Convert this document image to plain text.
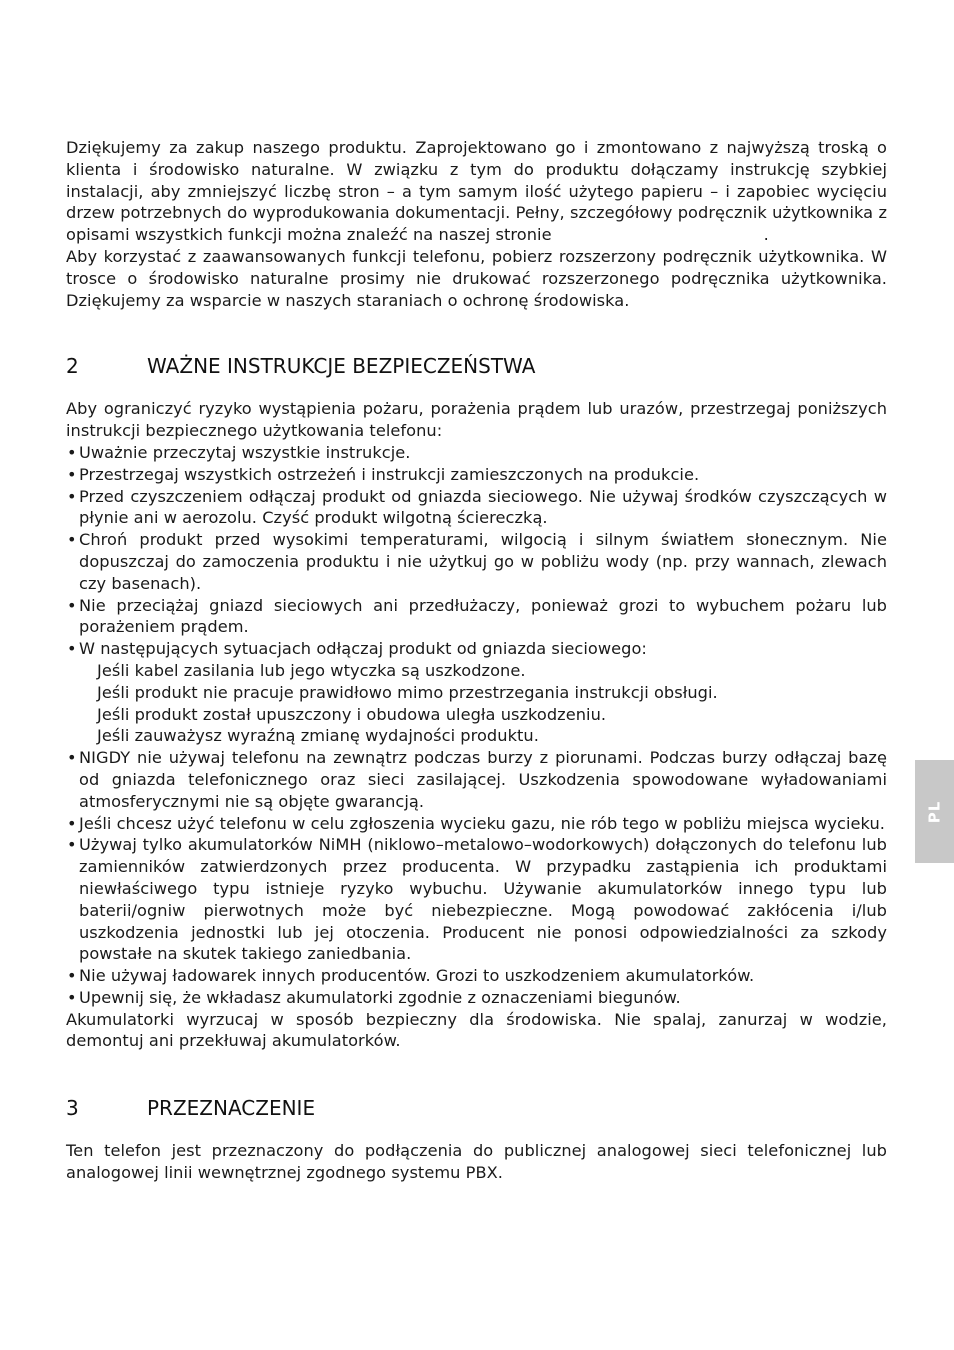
Dziękujemy za zakup naszego produktu. Zaprojektowano go i zmontowano z najwyższą troską o klienta i środowisko naturalne. W związku z tym do produktu dołączamy instrukcję szybkiej instalacji, aby zmniejszyć liczbę stron – a tym samym ilość użytego papieru – i zapobiec wycięciu drzew potrzebnych do wyprodukowania dokumentacji. Pełny, szczegółowy podręcznik użytkownika z opisami wszystkich funkcji można znaleźć na naszej stronie	.

Aby korzystać z zaawansowanych funkcji telefonu, pobierz rozszerzony podręcznik użytkownika. W trosce o środowisko naturalne prosimy nie drukować rozszerzonego podręcznika użytkownika. Dziękujemy za wsparcie w naszych staraniach o ochronę środowiska.

2	WAŻNE INSTRUKCJE BEZPIECZEŃSTWA

Aby ograniczyć ryzyko wystąpienia pożaru, porażenia prądem lub urazów, przestrzegaj poniższych instrukcji bezpiecznego użytkowania telefonu:

• Uważnie przeczytaj wszystkie instrukcje.
• Przestrzegaj wszystkich ostrzeżeń i instrukcji zamieszczonych na produkcie.
• Przed czyszczeniem odłączaj produkt od gniazda sieciowego. Nie używaj środków czyszczących w płynie ani w aerozolu. Czyść produkt wilgotną ściereczką.
• Chroń produkt przed wysokimi temperaturami, wilgocią i silnym światłem słonecznym. Nie dopuszczaj do zamoczenia produktu i nie użytkuj go w pobliżu wody (np. przy wannach, zlewach czy basenach).
• Nie przeciążaj gniazd sieciowych ani przedłużaczy, ponieważ grozi to wybuchem pożaru lub porażeniem prądem.
• W następujących sytuacjach odłączaj produkt od gniazda sieciowego:
Jeśli kabel zasilania lub jego wtyczka są uszkodzone.
Jeśli produkt nie pracuje prawidłowo mimo przestrzegania instrukcji obsługi.
Jeśli produkt został upuszczony i obudowa uległa uszkodzeniu.
Jeśli zauważysz wyraźną zmianę wydajności produktu.
• NIGDY nie używaj telefonu na zewnątrz podczas burzy z piorunami. Podczas burzy odłączaj bazę od gniazda telefonicznego oraz sieci zasilającej. Uszkodzenia spowodowane wyładowaniami atmosferycznymi nie są objęte gwarancją.
• Jeśli chcesz użyć telefonu w celu zgłoszenia wycieku gazu, nie rób tego w pobliżu miejsca wycieku.
• Używaj tylko akumulatorków NiMH (niklowo–metalowo–wodorkowych) dołączonych do telefonu lub zamienników zatwierdzonych przez producenta. W przypadku zastąpienia ich produktami niewłaściwego typu istnieje ryzyko wybuchu. Używanie akumulatorków innego typu lub baterii/ogniw pierwotnych może być niebezpieczne. Mogą powodować zakłócenia i/lub uszkodzenia jednostki lub jej otoczenia. Producent nie ponosi odpowiedzialności za szkody powstałe na skutek takiego zaniedbania.
• Nie używaj ładowarek innych producentów. Grozi to uszkodzeniem akumulatorków.
• Upewnij się, że wkładasz akumulatorki zgodnie z oznaczeniami biegunów.

Akumulatorki wyrzucaj w sposób bezpieczny dla środowiska. Nie spalaj, zanurzaj w wodzie, demontuj ani przekłuwaj akumulatorków.

3	PRZEZNACZENIE

Ten telefon jest przeznaczony do podłączenia do publicznej analogowej sieci telefonicznej lub analogowej linii wewnętrznej zgodnego systemu PBX.

PL
